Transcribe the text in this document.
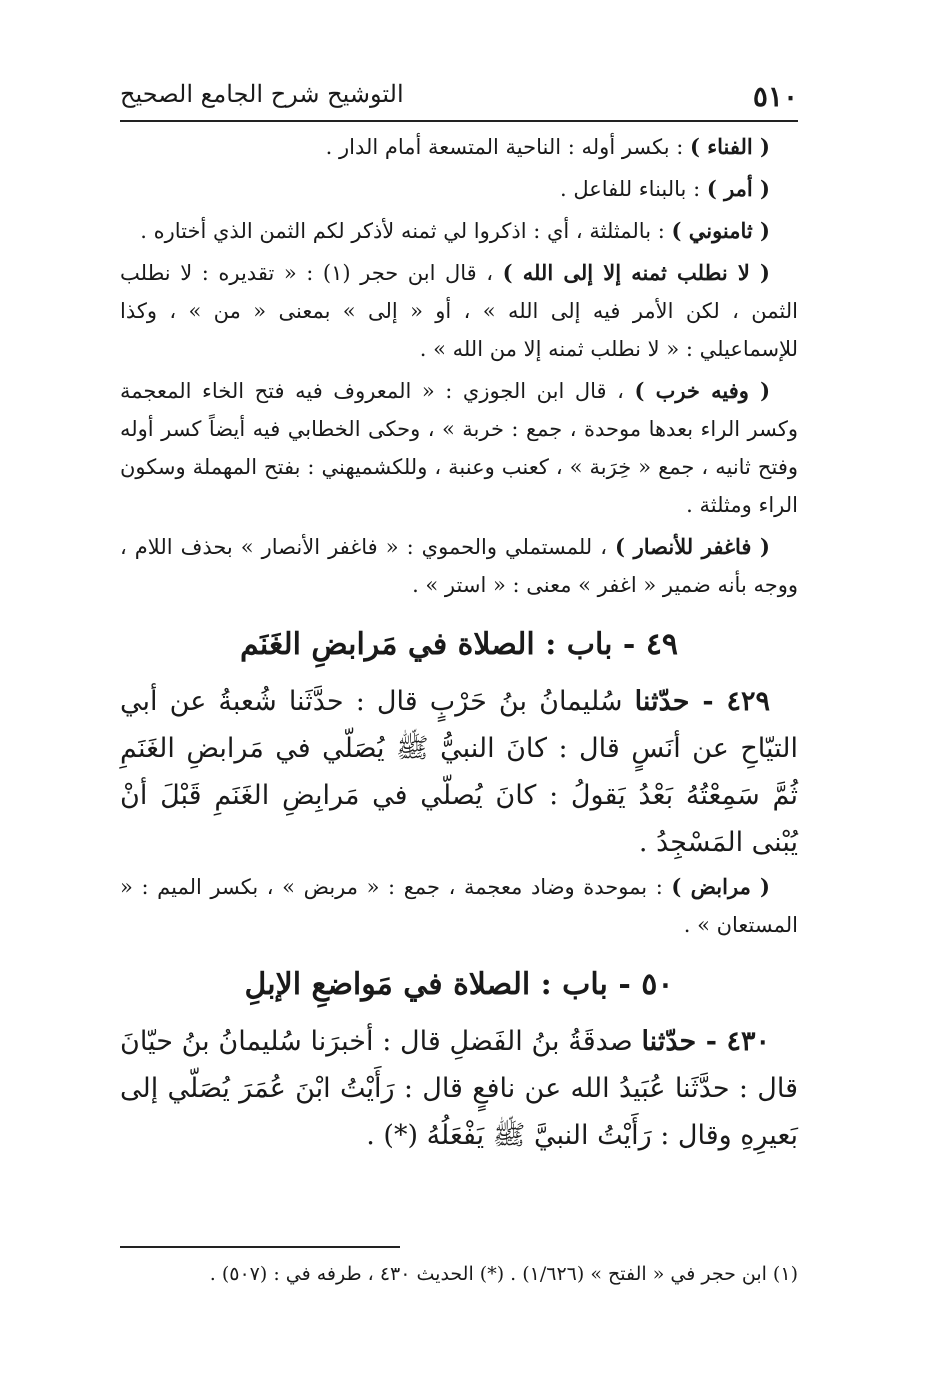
٥١٠
التوشيح شرح الجامع الصحيح

( الفناء ) : بكسر أوله : الناحية المتسعة أمام الدار .

( أمر ) : بالبناء للفاعل .

( ثامنوني ) : بالمثلثة ، أي : اذكروا لي ثمنه لأذكر لكم الثمن الذي أختاره .

( لا نطلب ثمنه إلا إلى الله ) ، قال ابن حجر (١) : « تقديره : لا نطلب الثمن ، لكن الأمر فيه إلى الله » ، أو « إلى » بمعنى « من » ، وكذا للإسماعيلي : « لا نطلب ثمنه إلا من الله » .

( وفيه خرب ) ، قال ابن الجوزي : « المعروف فيه فتح الخاء المعجمة وكسر الراء بعدها موحدة ، جمع : خربة » ، وحكى الخطابي فيه أيضاً كسر أوله وفتح ثانيه ، جمع « خِرَبة » ، كعنب وعنبة ، وللكشميهني : بفتح المهملة وسكون الراء ومثلثة .

( فاغفر للأنصار ) ، للمستملي والحموي : « فاغفر الأنصار » بحذف اللام ، ووجه بأنه ضمير « اغفر » معنى : « استر » .

٤٩ - باب : الصلاة في مَرابضِ الغَنَم

٤٢٩ - حدّثنا سُليمانُ بنُ حَرْبٍ قال : حدَّثَنا شُعبةُ عن أبي التيّاحِ عن أنَسٍ قال : كانَ النبيُّ ﷺ يُصَلّي في مَرابضِ الغَنَمِ ثُمَّ سَمِعْتُهُ بَعْدُ يَقولُ : كانَ يُصلّي في مَرابِضِ الغَنَمِ قَبْلَ أنْ يُبْنى المَسْجِدُ .

( مرابض ) : بموحدة وضاد معجمة ، جمع : « مربض » ، بكسر الميم : « المستعان » .

٥٠ - باب : الصلاة في مَواضعِ الإبلِ

٤٣٠ - حدّثنا صدقَةُ بنُ الفَضلِ قال : أخبرَنا سُليمانُ بنُ حيّانَ قال : حدَّثَنا عُبَيدُ الله عن نافعٍ قال : رَأَيْتُ ابْنَ عُمَرَ يُصَلّي إلى بَعيرِهِ وقال : رَأَيْتُ النبيَّ ﷺ يَفْعَلُهُ (*) .

(١) ابن حجر في « الفتح » (١/٦٢٦) . (*) الحديث ٤٣٠ ، طرفه في : (٥٠٧) .
